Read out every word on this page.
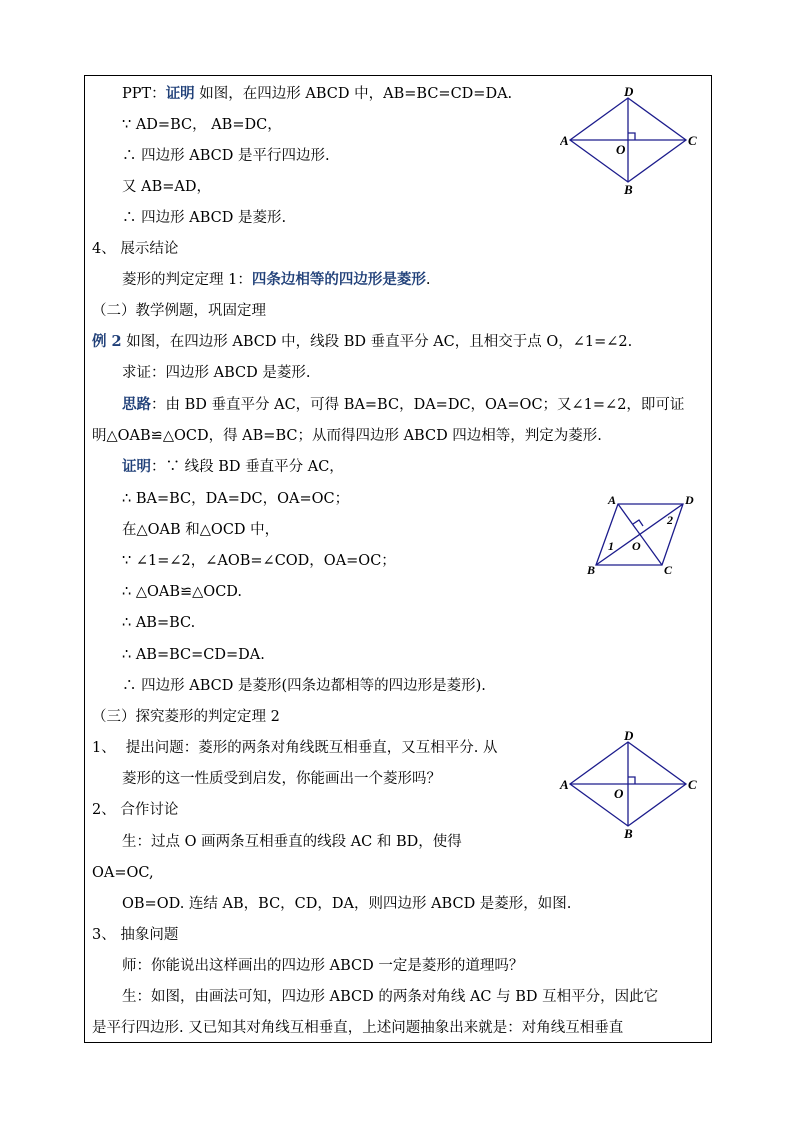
PPT：证明 如图，在四边形 ABCD 中，AB=BC=CD=DA.
∵ AD=BC， AB=DC，
∴ 四边形 ABCD 是平行四边形.
又 AB=AD，
∴ 四边形 ABCD 是菱形.
A
B
C
D
O
4、 展示结论
菱形的判定定理 1：四条边相等的四边形是菱形.
（二）教学例题，巩固定理
例 2 如图，在四边形 ABCD 中，线段 BD 垂直平分 AC，且相交于点 O，∠1=∠2.
求证：四边形 ABCD 是菱形.
思路：由 BD 垂直平分 AC，可得 BA=BC，DA=DC，OA=OC；又∠1=∠2，即可证
明△OAB≌△OCD，得 AB=BC；从而得四边形 ABCD 四边相等，判定为菱形.
证明：∵ 线段 BD 垂直平分 AC，
∴ BA=BC，DA=DC，OA=OC；
在△OAB 和△OCD 中，
∵ ∠1=∠2，∠AOB=∠COD，OA=OC；
∴ △OAB≌△OCD.
∴ AB=BC.
∴ AB=BC=CD=DA.
∴ 四边形 ABCD 是菱形(四条边都相等的四边形是菱形).
A
B	C
D
O
1
2
（三）探究菱形的判定定理 2
1、 提出问题：菱形的两条对角线既互相垂直，又互相平分. 从
菱形的这一性质受到启发，你能画出一个菱形吗？
2、 合作讨论
生：过点 O 画两条互相垂直的线段 AC 和 BD，使得
OA=OC,
OB=OD. 连结 AB，BC，CD，DA，则四边形 ABCD 是菱形，如图.
3、 抽象问题
师：你能说出这样画出的四边形 ABCD 一定是菱形的道理吗？
生：如图，由画法可知，四边形 ABCD 的两条对角线 AC 与 BD 互相平分，因此它
是平行四边形. 又已知其对角线互相垂直，上述问题抽象出来就是：对角线互相垂直
A
B
C
D
O
